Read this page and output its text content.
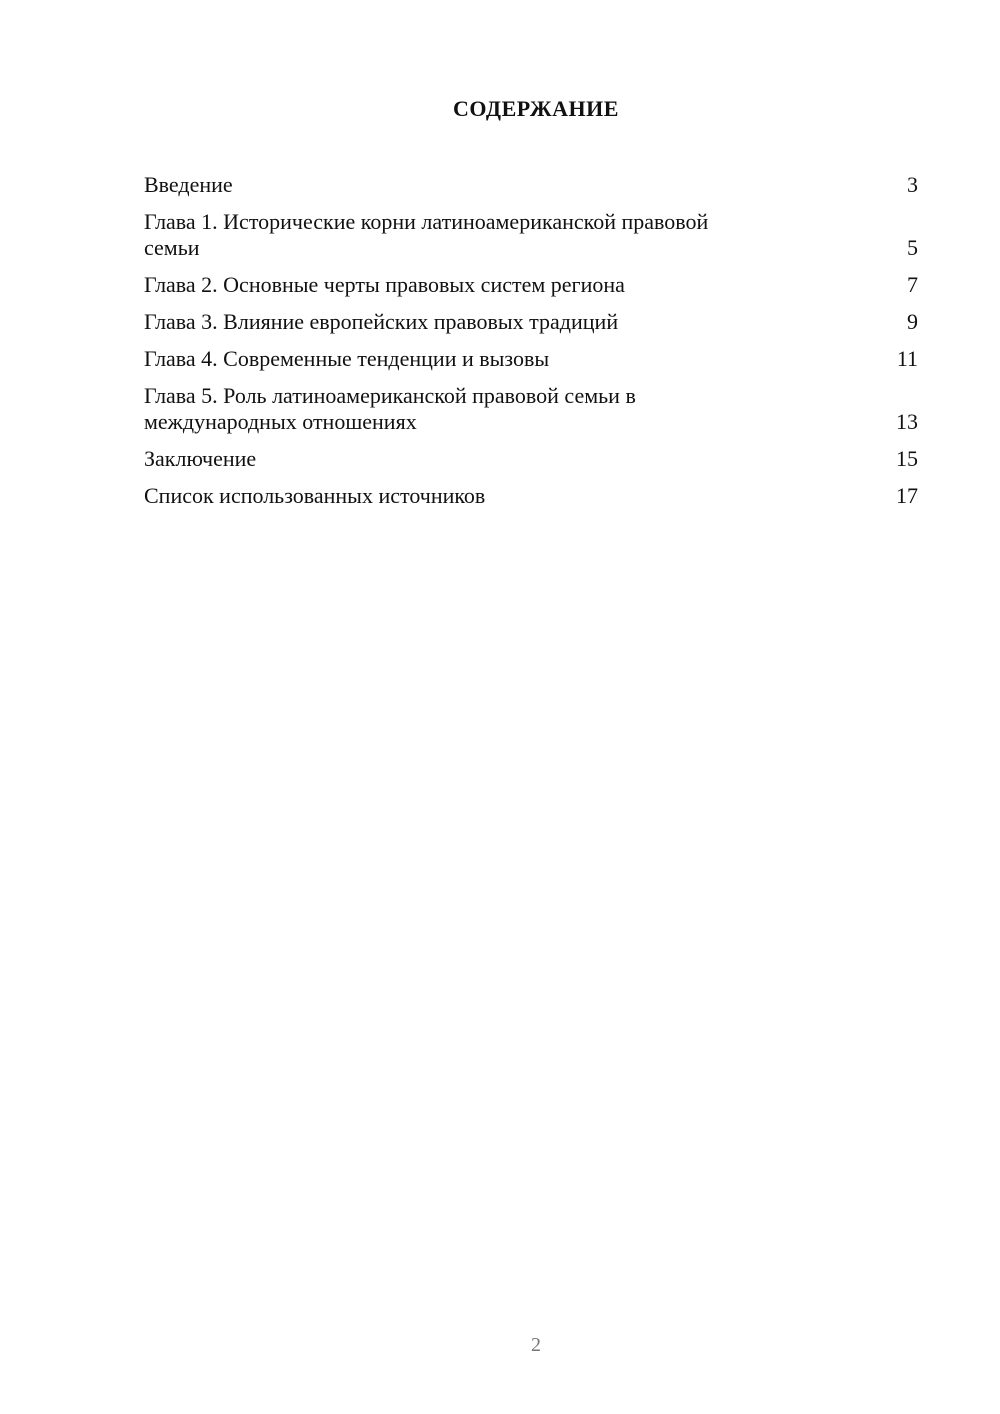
СОДЕРЖАНИЕ
Введение	3
Глава 1. Исторические корни латиноамериканской правовой
семьи	5
Глава 2. Основные черты правовых систем региона	7
Глава 3. Влияние европейских правовых традиций	9
Глава 4. Современные тенденции и вызовы	11
Глава 5. Роль латиноамериканской правовой семьи в
международных отношениях	13
Заключение	15
Список использованных источников	17
2
